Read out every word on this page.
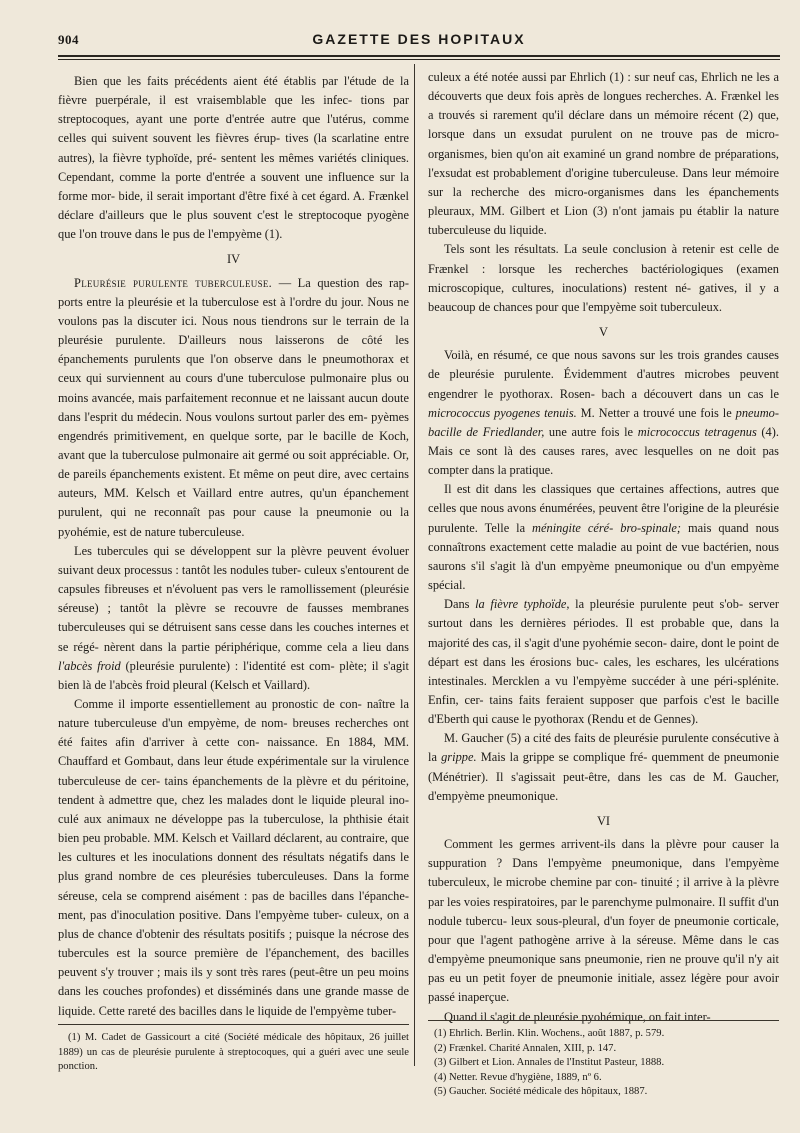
904	GAZETTE DES HOPITAUX

Bien que les faits précédents aient été établis par l'étude de la fièvre puerpérale, il est vraisemblable que les infec- tions par streptocoques, ayant une porte d'entrée autre que l'utérus, comme celles qui suivent souvent les fièvres érup- tives (la scarlatine entre autres), la fièvre typhoïde, pré- sentent les mêmes variétés cliniques. Cependant, comme la porte d'entrée a souvent une influence sur la forme mor- bide, il serait important d'être fixé à cet égard. A. Frænkel déclare d'ailleurs que le plus souvent c'est le streptocoque pyogène que l'on trouve dans le pus de l'empyème (1).

IV

Pleurésie purulente tuberculeuse. — La question des rap- ports entre la pleurésie et la tuberculose est à l'ordre du jour. Nous ne voulons pas la discuter ici. Nous nous tiendrons sur le terrain de la pleurésie purulente. D'ailleurs nous laisserons de côté les épanchements purulents que l'on observe dans le pneumothorax et ceux qui surviennent au cours d'une tuberculose pulmonaire plus ou moins avancée, mais parfaitement reconnue et ne laissant aucun doute dans l'esprit du médecin. Nous voulons surtout parler des em- pyèmes engendrés primitivement, en quelque sorte, par le bacille de Koch, avant que la tuberculose pulmonaire ait germé ou soit appréciable. Or, de pareils épanchements existent. Et même on peut dire, avec certains auteurs, MM. Kelsch et Vaillard entre autres, qu'un épanchement purulent, qui ne reconnaît pas pour cause la pneumonie ou la pyohémie, est de nature tuberculeuse.

Les tubercules qui se développent sur la plèvre peuvent évoluer suivant deux processus : tantôt les nodules tuber- culeux s'entourent de capsules fibreuses et n'évoluent pas vers le ramollissement (pleurésie séreuse) ; tantôt la plèvre se recouvre de fausses membranes tuberculeuses qui se détruisent sans cesse dans les couches internes et se régé- nèrent dans la partie périphérique, comme cela a lieu dans l'abcès froid (pleurésie purulente) : l'identité est com- plète; il s'agit bien là de l'abcès froid pleural (Kelsch et Vaillard).

Comme il importe essentiellement au pronostic de con- naître la nature tuberculeuse d'un empyème, de nom- breuses recherches ont été faites afin d'arriver à cette con- naissance. En 1884, MM. Chauffard et Gombaut, dans leur étude expérimentale sur la virulence tuberculeuse de cer- tains épanchements de la plèvre et du péritoine, tendent à admettre que, chez les malades dont le liquide pleural ino- culé aux animaux ne développe pas la tuberculose, la phthisie était bien peu probable. MM. Kelsch et Vaillard déclarent, au contraire, que les cultures et les inoculations donnent des résultats négatifs dans le plus grand nombre de ces pleurésies tuberculeuses. Dans la forme séreuse, cela se comprend aisément : pas de bacilles dans l'épanche- ment, pas d'inoculation positive. Dans l'empyème tuber- culeux, on a plus de chance d'obtenir des résultats positifs ; puisque la nécrose des tubercules est la source première de l'épanchement, des bacilles peuvent s'y trouver ; mais ils y sont très rares (peut-être un peu moins dans les couches profondes) et disséminés dans une grande masse de liquide. Cette rareté des bacilles dans le liquide de l'empyème tuber-

(1) M. Cadet de Gassicourt a cité (Société médicale des hôpitaux, 26 juillet 1889) un cas de pleurésie purulente à streptocoques, qui a guéri avec une seule ponction.

culeux a été notée aussi par Ehrlich (1) : sur neuf cas, Ehrlich ne les a découverts que deux fois après de longues recherches. A. Frænkel les a trouvés si rarement qu'il déclare dans un mémoire récent (2) que, lorsque dans un exsudat purulent on ne trouve pas de micro-organismes, bien qu'on ait examiné un grand nombre de préparations, l'exsudat est probablement d'origine tuberculeuse. Dans leur mémoire sur la recherche des micro-organismes dans les épanchements pleuraux, MM. Gilbert et Lion (3) n'ont jamais pu établir la nature tuberculeuse du liquide.

Tels sont les résultats. La seule conclusion à retenir est celle de Frænkel : lorsque les recherches bactériologiques (examen microscopique, cultures, inoculations) restent né- gatives, il y a beaucoup de chances pour que l'empyème soit tuberculeux.

V

Voilà, en résumé, ce que nous savons sur les trois grandes causes de pleurésie purulente. Évidemment d'autres microbes peuvent engendrer le pyothorax. Rosen- bach a découvert dans un cas le micrococcus pyogenes tenuis. M. Netter a trouvé une fois le pneumo-bacille de Friedlander, une autre fois le micrococcus tetragenus (4). Mais ce sont là des causes rares, avec lesquelles on ne doit pas compter dans la pratique.

Il est dit dans les classiques que certaines affections, autres que celles que nous avons énumérées, peuvent être l'origine de la pleurésie purulente. Telle la méningite céré- bro-spinale; mais quand nous connaîtrons exactement cette maladie au point de vue bactérien, nous saurons s'il s'agit là d'un empyème pneumonique ou d'un empyème spécial.

Dans la fièvre typhoïde, la pleurésie purulente peut s'ob- server surtout dans les dernières périodes. Il est probable que, dans la majorité des cas, il s'agit d'une pyohémie secon- daire, dont le point de départ est dans les érosions buc- cales, les eschares, les ulcérations intestinales. Mercklen a vu l'empyème succéder à une péri-splénite. Enfin, cer- tains faits feraient supposer que parfois c'est le bacille d'Eberth qui cause le pyothorax (Rendu et de Gennes).

M. Gaucher (5) a cité des faits de pleurésie purulente consécutive à la grippe. Mais la grippe se complique fré- quemment de pneumonie (Ménétrier). Il s'agissait peut-être, dans les cas de M. Gaucher, d'empyème pneumonique.

VI

Comment les germes arrivent-ils dans la plèvre pour causer la suppuration ? Dans l'empyème pneumonique, dans l'empyème tuberculeux, le microbe chemine par con- tinuité ; il arrive à la plèvre par les voies respiratoires, par le parenchyme pulmonaire. Il suffit d'un nodule tubercu- leux sous-pleural, d'un foyer de pneumonie corticale, pour que l'agent pathogène arrive à la séreuse. Même dans le cas d'empyème pneumonique sans pneumonie, rien ne prouve qu'il n'y ait pas eu un petit foyer de pneumonie initiale, assez légère pour avoir passé inaperçue.

Quand il s'agit de pleurésie pyohémique, on fait inter-

(1) Ehrlich. Berlin. Klin. Wochens., août 1887, p. 579.

(2) Frænkel. Charité Annalen, XIII, p. 147.

(3) Gilbert et Lion. Annales de l'Institut Pasteur, 1888.

(4) Netter. Revue d'hygiène, 1889, nº 6.

(5) Gaucher. Société médicale des hôpitaux, 1887.
